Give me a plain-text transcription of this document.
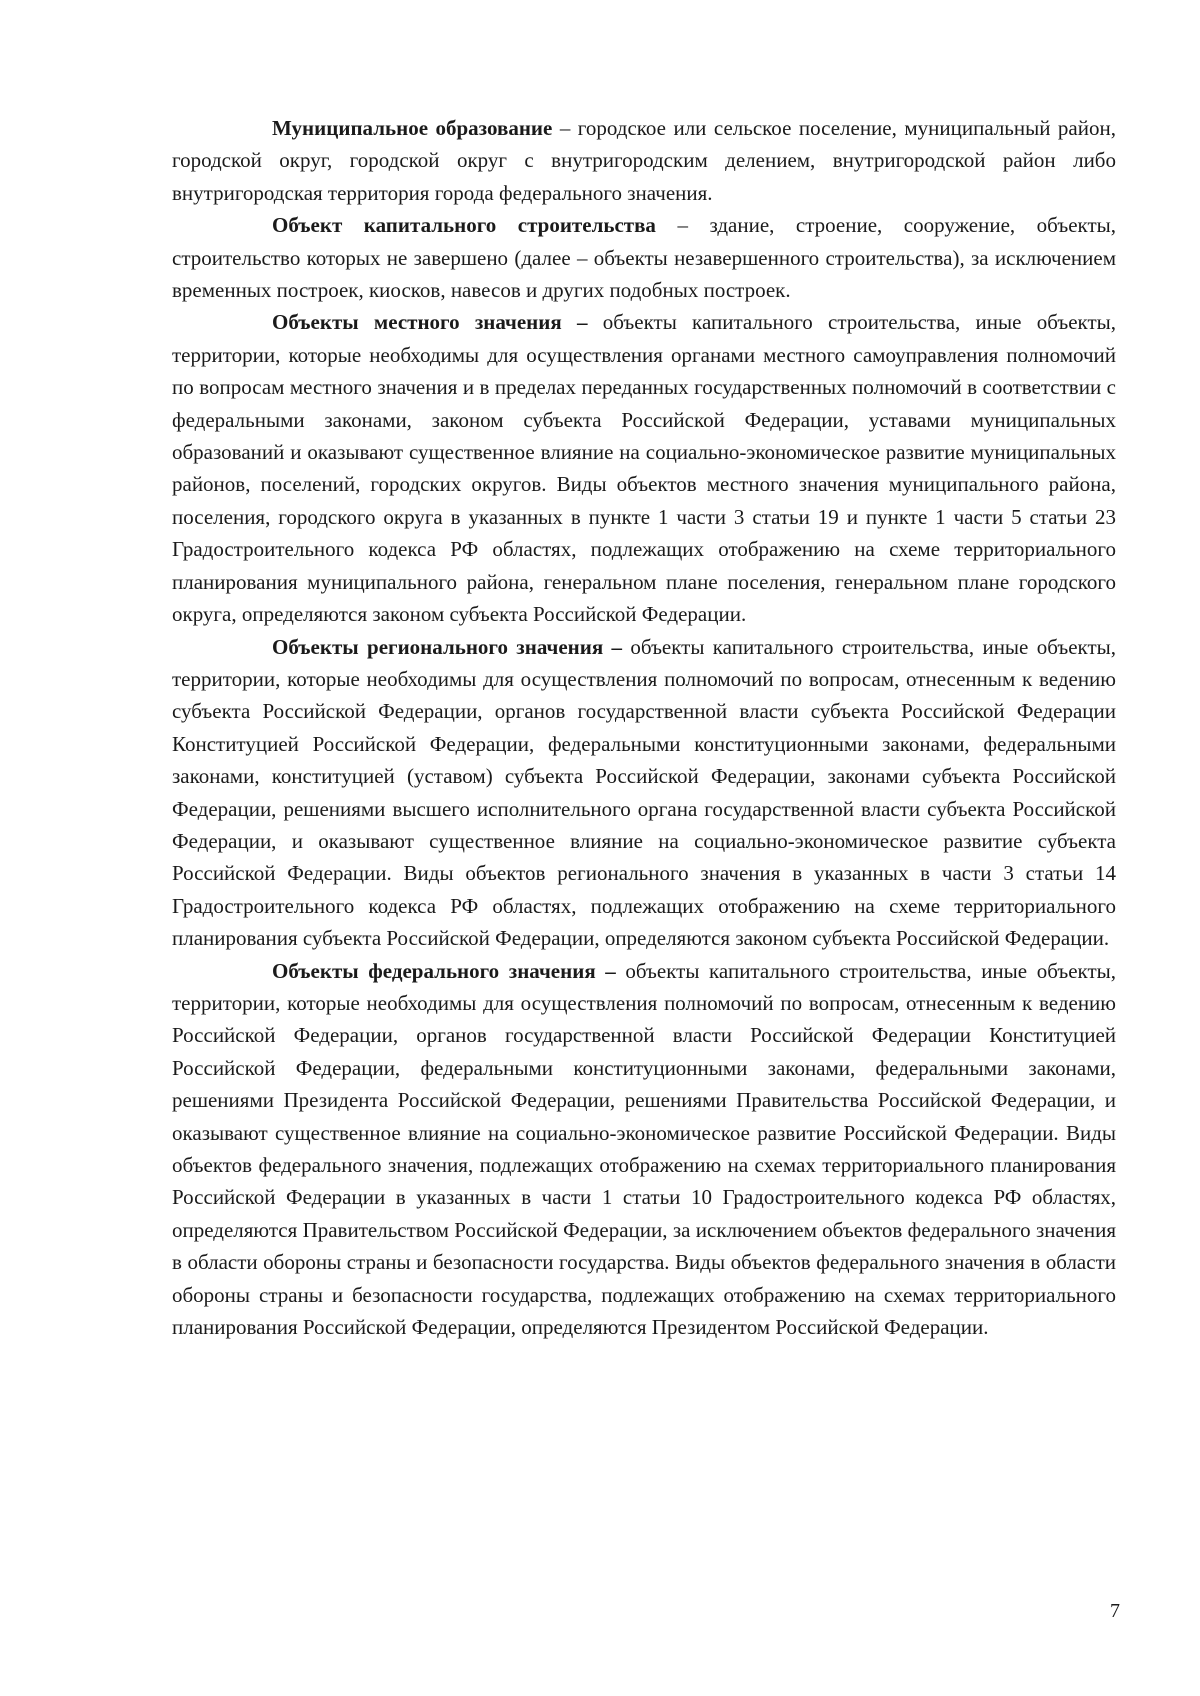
Муниципальное образование – городское или сельское поселение, муниципальный район, городской округ, городской округ с внутригородским делением, внутригородской район либо внутригородская территория города федерального значения.

Объект капитального строительства – здание, строение, сооружение, объекты, строительство которых не завершено (далее – объекты незавершенного строительства), за исключением временных построек, киосков, навесов и других подобных построек.

Объекты местного значения – объекты капитального строительства, иные объекты, территории, которые необходимы для осуществления органами местного самоуправления полномочий по вопросам местного значения и в пределах переданных государственных полномочий в соответствии с федеральными законами, законом субъекта Российской Федерации, уставами муниципальных образований и оказывают существенное влияние на социально-экономическое развитие муниципальных районов, поселений, городских округов. Виды объектов местного значения муниципального района, поселения, городского округа в указанных в пункте 1 части 3 статьи 19 и пункте 1 части 5 статьи 23 Градостроительного кодекса РФ областях, подлежащих отображению на схеме территориального планирования муниципального района, генеральном плане поселения, генеральном плане городского округа, определяются законом субъекта Российской Федерации.

Объекты регионального значения – объекты капитального строительства, иные объекты, территории, которые необходимы для осуществления полномочий по вопросам, отнесенным к ведению субъекта Российской Федерации, органов государственной власти субъекта Российской Федерации Конституцией Российской Федерации, федеральными конституционными законами, федеральными законами, конституцией (уставом) субъекта Российской Федерации, законами субъекта Российской Федерации, решениями высшего исполнительного органа государственной власти субъекта Российской Федерации, и оказывают существенное влияние на социально-экономическое развитие субъекта Российской Федерации. Виды объектов регионального значения в указанных в части 3 статьи 14 Градостроительного кодекса РФ областях, подлежащих отображению на схеме территориального планирования субъекта Российской Федерации, определяются законом субъекта Российской Федерации.

Объекты федерального значения – объекты капитального строительства, иные объекты, территории, которые необходимы для осуществления полномочий по вопросам, отнесенным к ведению Российской Федерации, органов государственной власти Российской Федерации Конституцией Российской Федерации, федеральными конституционными законами, федеральными законами, решениями Президента Российской Федерации, решениями Правительства Российской Федерации, и оказывают существенное влияние на социально-экономическое развитие Российской Федерации. Виды объектов федерального значения, подлежащих отображению на схемах территориального планирования Российской Федерации в указанных в части 1 статьи 10 Градостроительного кодекса РФ областях, определяются Правительством Российской Федерации, за исключением объектов федерального значения в области обороны страны и безопасности государства. Виды объектов федерального значения в области обороны страны и безопасности государства, подлежащих отображению на схемах территориального планирования Российской Федерации, определяются Президентом Российской Федерации.

7
